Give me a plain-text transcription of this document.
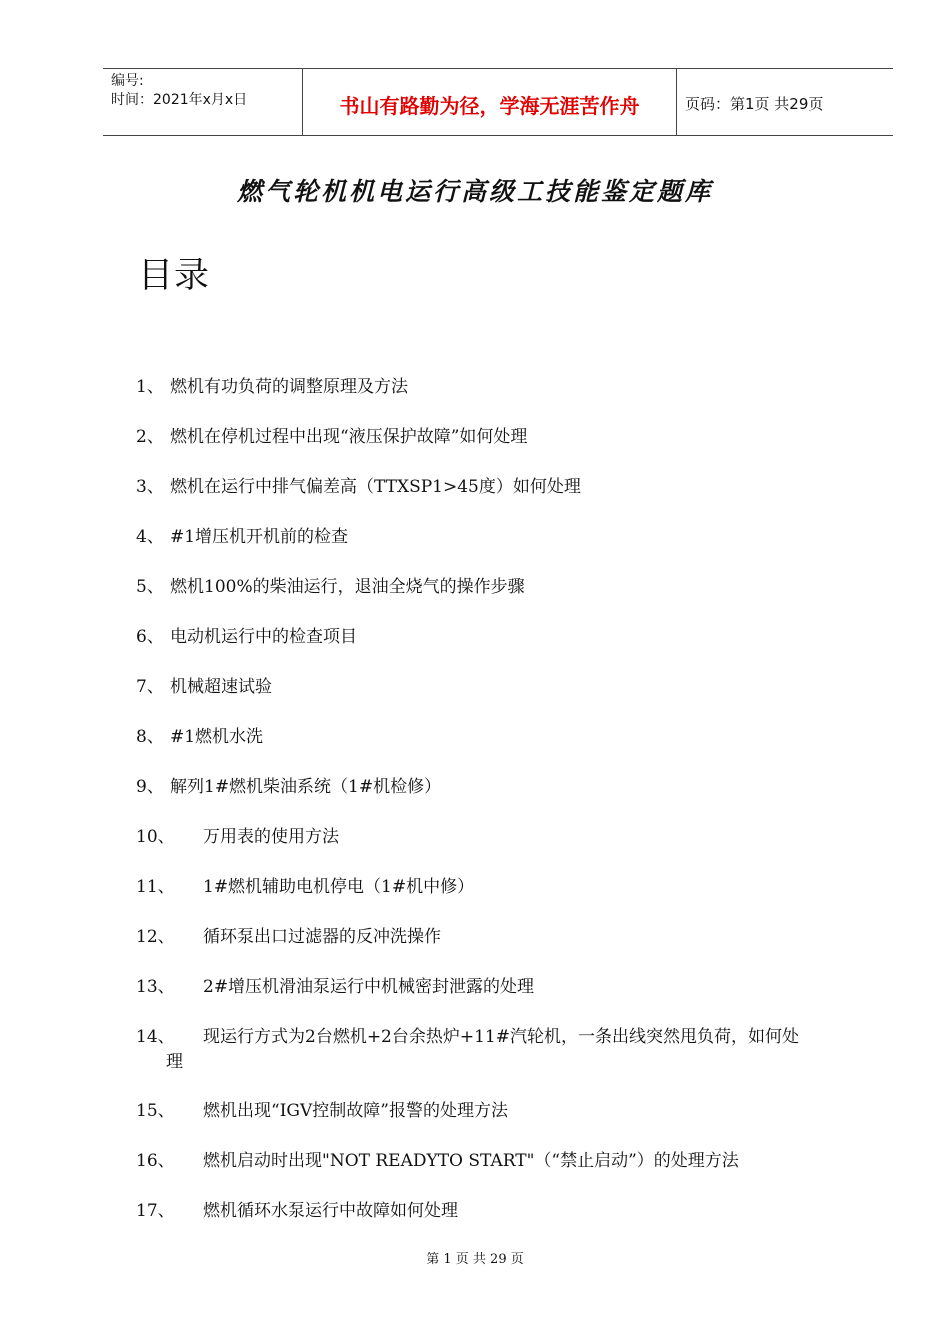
编号:
时间：2021年x月x日	书山有路勤为径，学海无涯苦作舟	页码：第1页 共29页
燃气轮机机电运行高级工技能鉴定题库
目录
1、 燃机有功负荷的调整原理及方法
2、 燃机在停机过程中出现“液压保护故障”如何处理
3、 燃机在运行中排气偏差高（TTXSP1>45度）如何处理
4、 #1增压机开机前的检查
5、 燃机100%的柴油运行，退油全烧气的操作步骤
6、 电动机运行中的检查项目
7、 机械超速试验
8、 #1燃机水洗
9、 解列1#燃机柴油系统（1#机检修）
10、	万用表的使用方法
11、	1#燃机辅助电机停电（1#机中修）
12、	循环泵出口过滤器的反冲洗操作
13、	2#增压机滑油泵运行中机械密封泄露的处理
14、	现运行方式为2台燃机+2台余热炉+11#汽轮机，一条出线突然甩负荷，如何处
理
15、	燃机出现“IGV控制故障”报警的处理方法
16、	燃机启动时出现"NOT READYTO START"（“禁止启动”）的处理方法
17、	燃机循环水泵运行中故障如何处理
第 1 页 共 29 页
